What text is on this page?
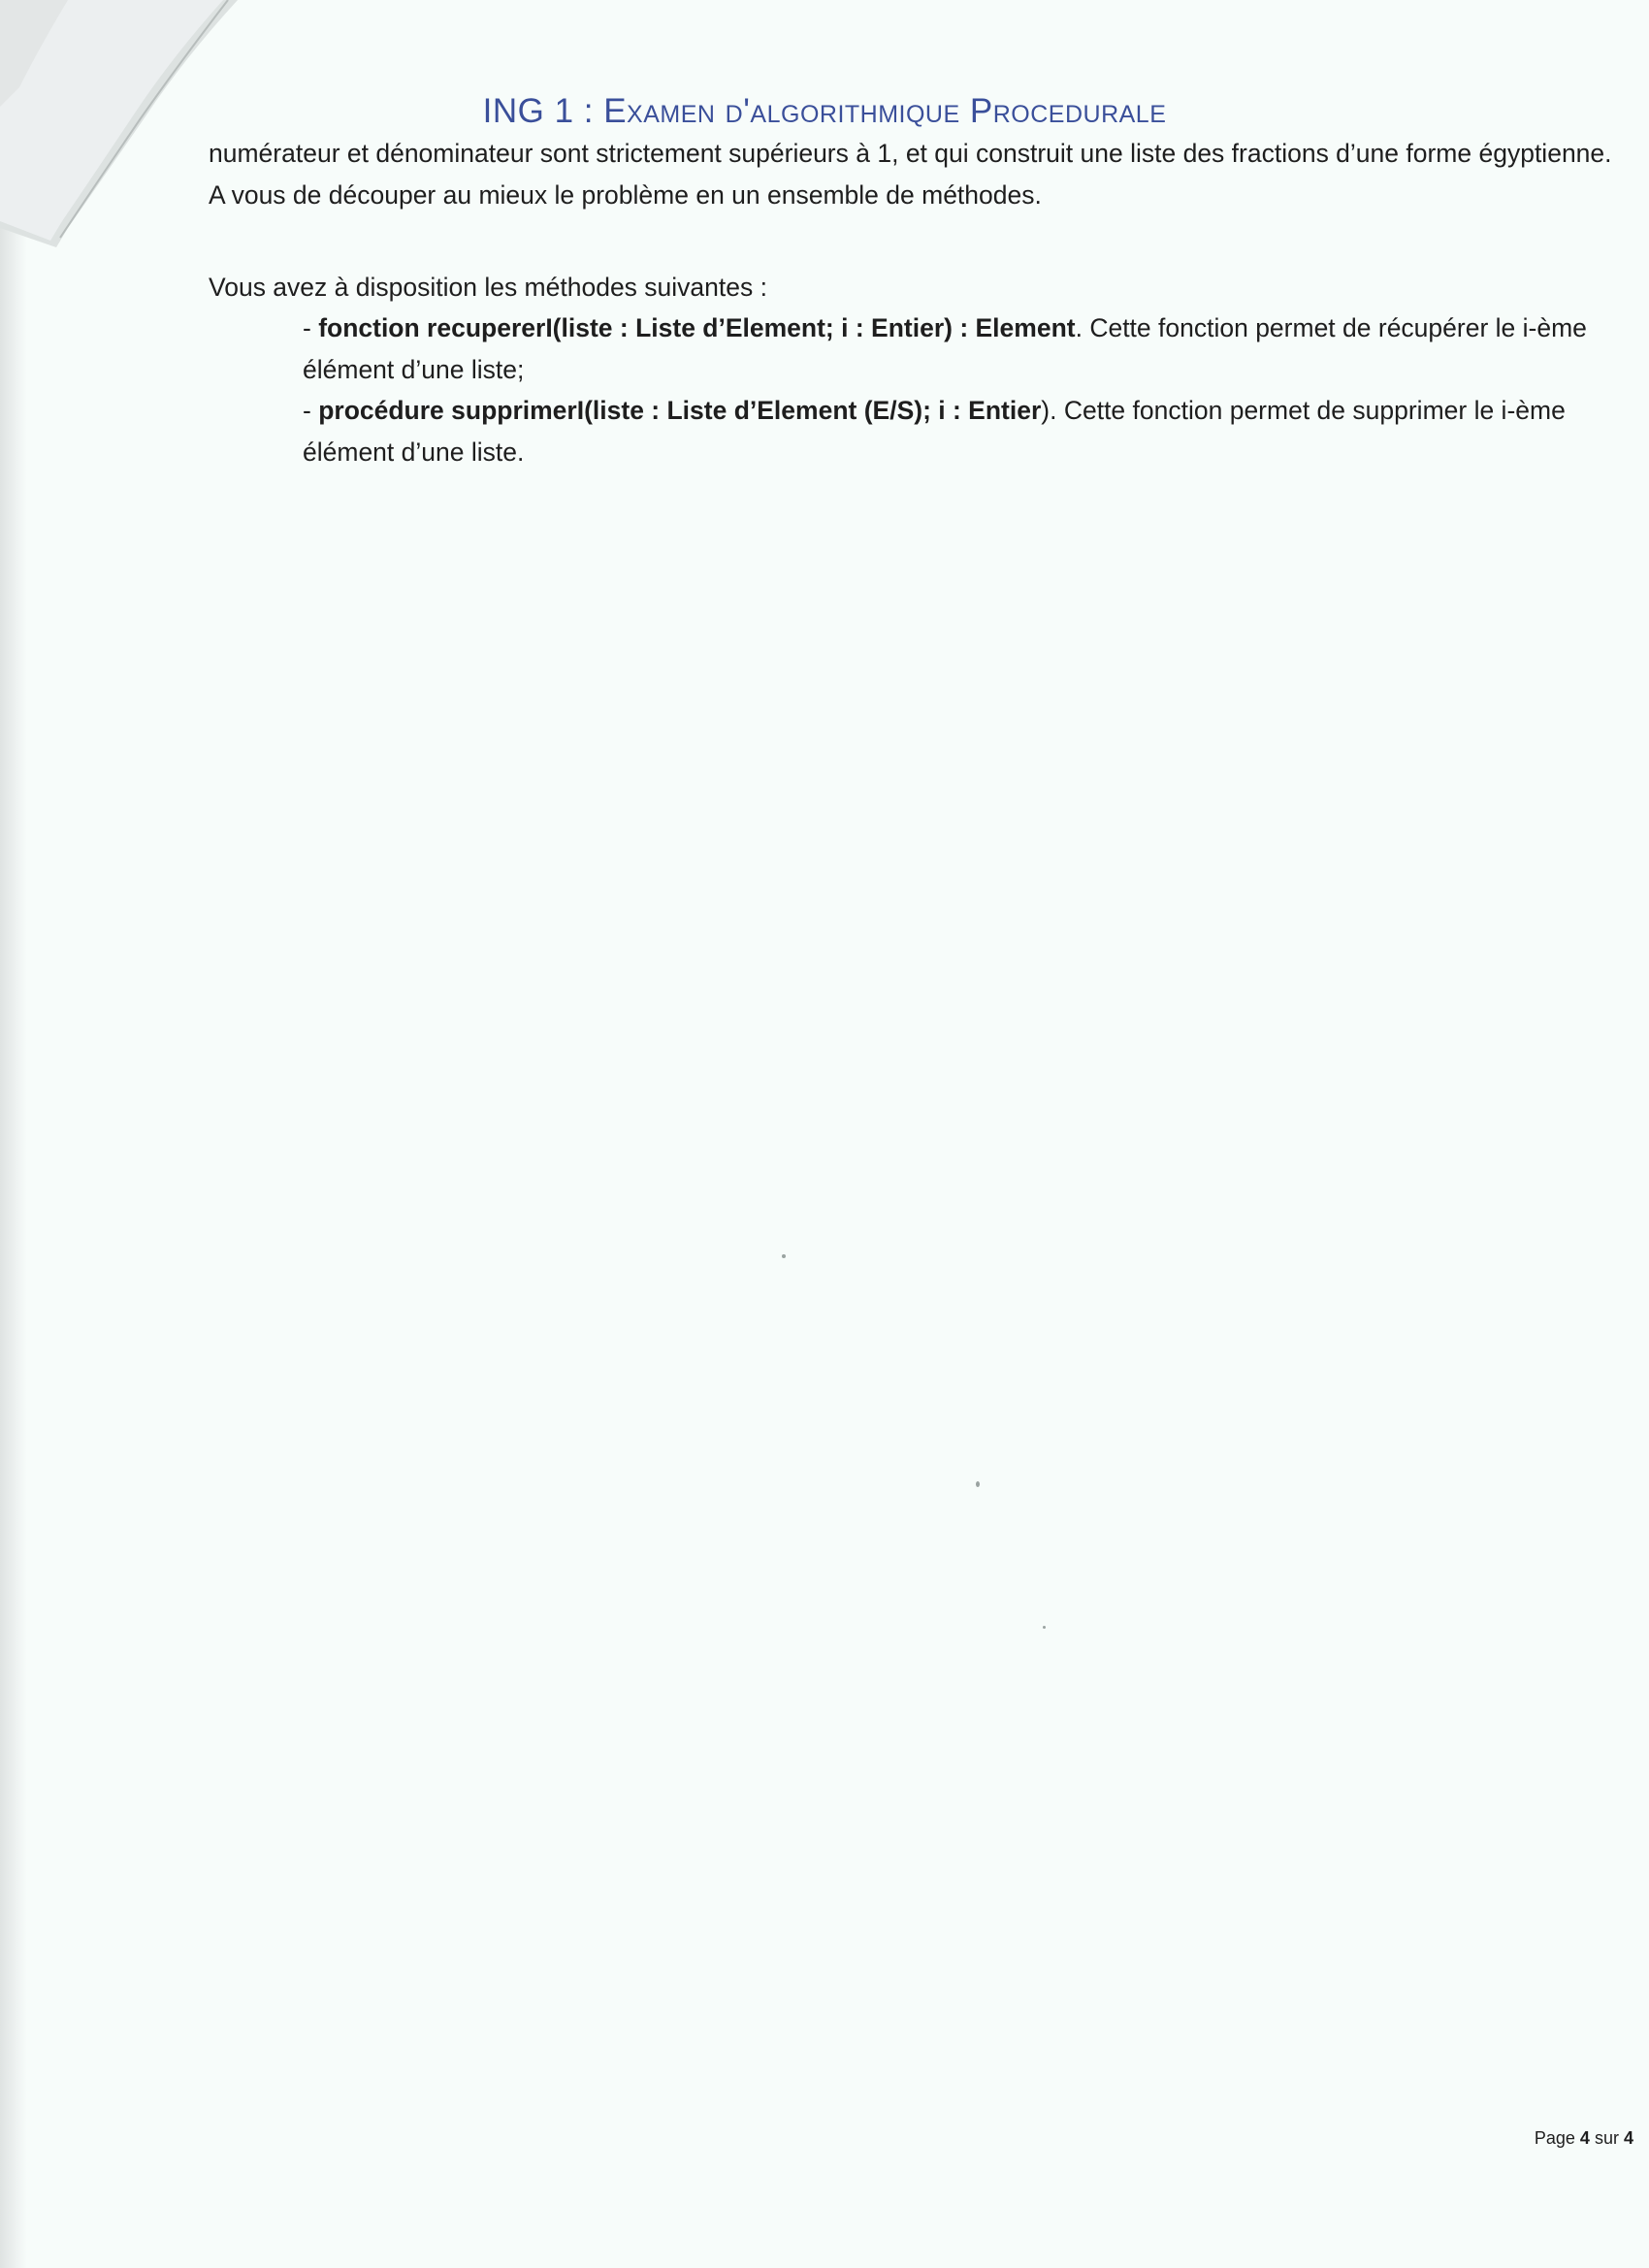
ING 1 : Examen d'algorithmique Procedurale
numérateur et dénominateur sont strictement supérieurs à 1, et qui construit une liste des fractions d’une forme égyptienne. A vous de découper au mieux le problème en un ensemble de méthodes.
Vous avez à disposition les méthodes suivantes :
- fonction recupererI(liste : Liste d’Element; i : Entier) : Element. Cette fonction permet de récupérer le i-ème élément d’une liste;
- procédure supprimerI(liste : Liste d’Element (E/S); i : Entier). Cette fonction permet de supprimer le i-ème élément d’une liste.
Page 4 sur 4
